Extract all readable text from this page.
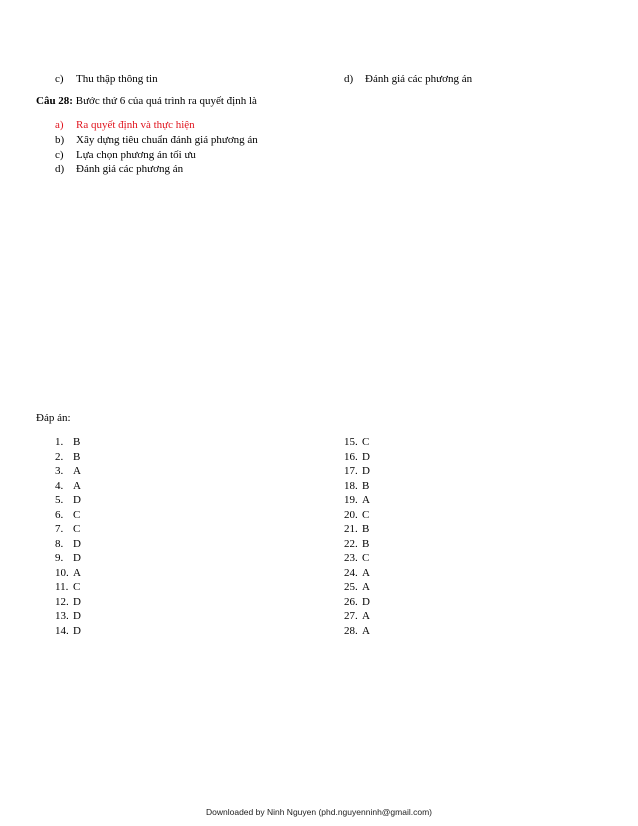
c) Thu thập thông tin	d) Đánh giá các phương án
Câu 28: Bước thứ 6 của quá trình ra quyết định là
a) Ra quyết định và thực hiện
b) Xây dựng tiêu chuẩn đánh giá phương án
c) Lựa chọn phương án tối ưu
d) Đánh giá các phương án
Đáp án:
1. B
2. B
3. A
4. A
5. D
6. C
7. C
8. D
9. D
10. A
11. C
12. D
13. D
14. D
15. C
16. D
17. D
18. B
19. A
20. C
21. B
22. B
23. C
24. A
25. A
26. D
27. A
28. A
Downloaded by Ninh Nguyen (phd.nguyenninh@gmail.com)
